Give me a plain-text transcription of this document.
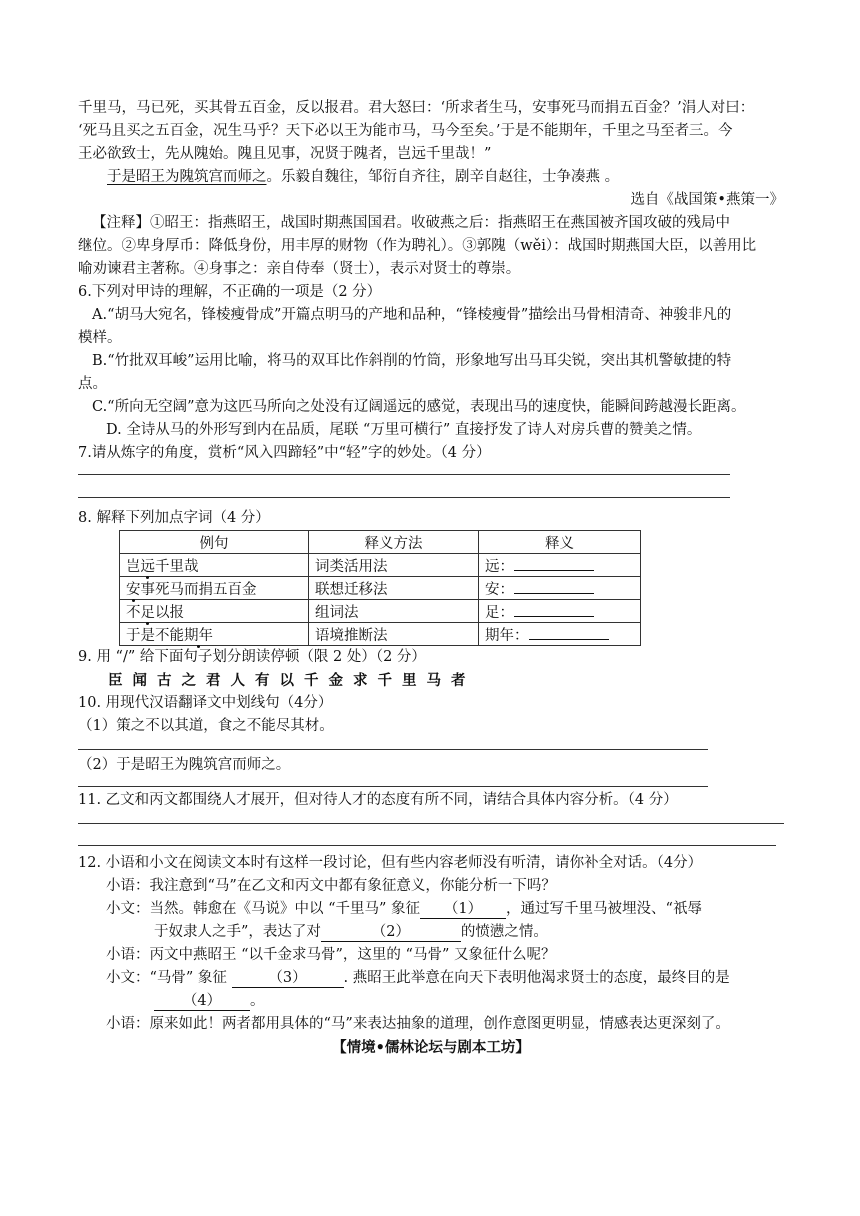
千里马，马已死，买其骨五百金，反以报君。君大怒曰：‘所求者生马，安事死马而捐五百金？’涓人对曰：

‘死马且买之五百金，况生马乎？天下必以王为能市马，马今至矣。’于是不能期年，千里之马至者三。今

王必欲致士，先从隗始。隗且见事，况贤于隗者，岂远千里哉！”

于是昭王为隗筑宫而师之。乐毅自魏往，邹衍自齐往，剧辛自赵往，士争凑燕 。

选自《战国策•燕策一》

【注释】①昭王：指燕昭王，战国时期燕国国君。收破燕之后：指燕昭王在燕国被齐国攻破的残局中

继位。②卑身厚币：降低身份，用丰厚的财物（作为聘礼）。③郭隗（wěi）：战国时期燕国大臣，以善用比

喻劝谏君主著称。④身事之：亲自侍奉（贤士），表示对贤士的尊崇。

6.下列对甲诗的理解，不正确的一项是（2 分）

A.“胡马大宛名，锋棱瘦骨成”开篇点明马的产地和品种，“锋棱瘦骨”描绘出马骨相清奇、神骏非凡的

模样。

B.“竹批双耳峻”运用比喻，将马的双耳比作斜削的竹筒，形象地写出马耳尖锐，突出其机警敏捷的特

点。

C.“所向无空阔”意为这匹马所向之处没有辽阔遥远的感觉，表现出马的速度快，能瞬间跨越漫长距离。

D. 全诗从马的外形写到内在品质，尾联 “万里可横行” 直接抒发了诗人对房兵曹的赞美之情。

7.请从炼字的角度，赏析“风入四蹄轻”中“轻”字的妙处。（4 分）

8. 解释下列加点字词（4 分）

例句	释义方法	释义
岂远千里哉	词类活用法	远：
安事死马而捐五百金	联想迁移法	安：
不足以报	组词法	足：
于是不能期年	语境推断法	期年：

9. 用 “/” 给下面句子划分朗读停顿（限 2 处）（2 分）

臣闻古之君人有以千金求千里马者

10. 用现代汉语翻译文中划线句（4分）

（1）策之不以其道，食之不能尽其材。

（2）于是昭王为隗筑宫而师之。

11. 乙文和丙文都围绕人才展开，但对待人才的态度有所不同，请结合具体内容分析。（4 分）

12. 小语和小文在阅读文本时有这样一段讨论，但有些内容老师没有听清，请你补全对话。（4分）

小语：我注意到“马”在乙文和丙文中都有象征意义，你能分析一下吗？

小文：当然。韩愈在《马说》中以 “千里马” 象征 （1） ，通过写千里马被埋没、“祇辱

于奴隶人之手”，表达了对	（2）	的愤懑之情。

小语：丙文中燕昭王 “以千金求马骨”，这里的 “马骨” 又象征什么呢？

小文：“马骨” 象征	（3）	. 燕昭王此举意在向天下表明他渴求贤士的态度，最终目的是

（4） 。

小语：原来如此！两者都用具体的“马”来表达抽象的道理，创作意图更明显，情感表达更深刻了。

【情境•儒林论坛与剧本工坊】
